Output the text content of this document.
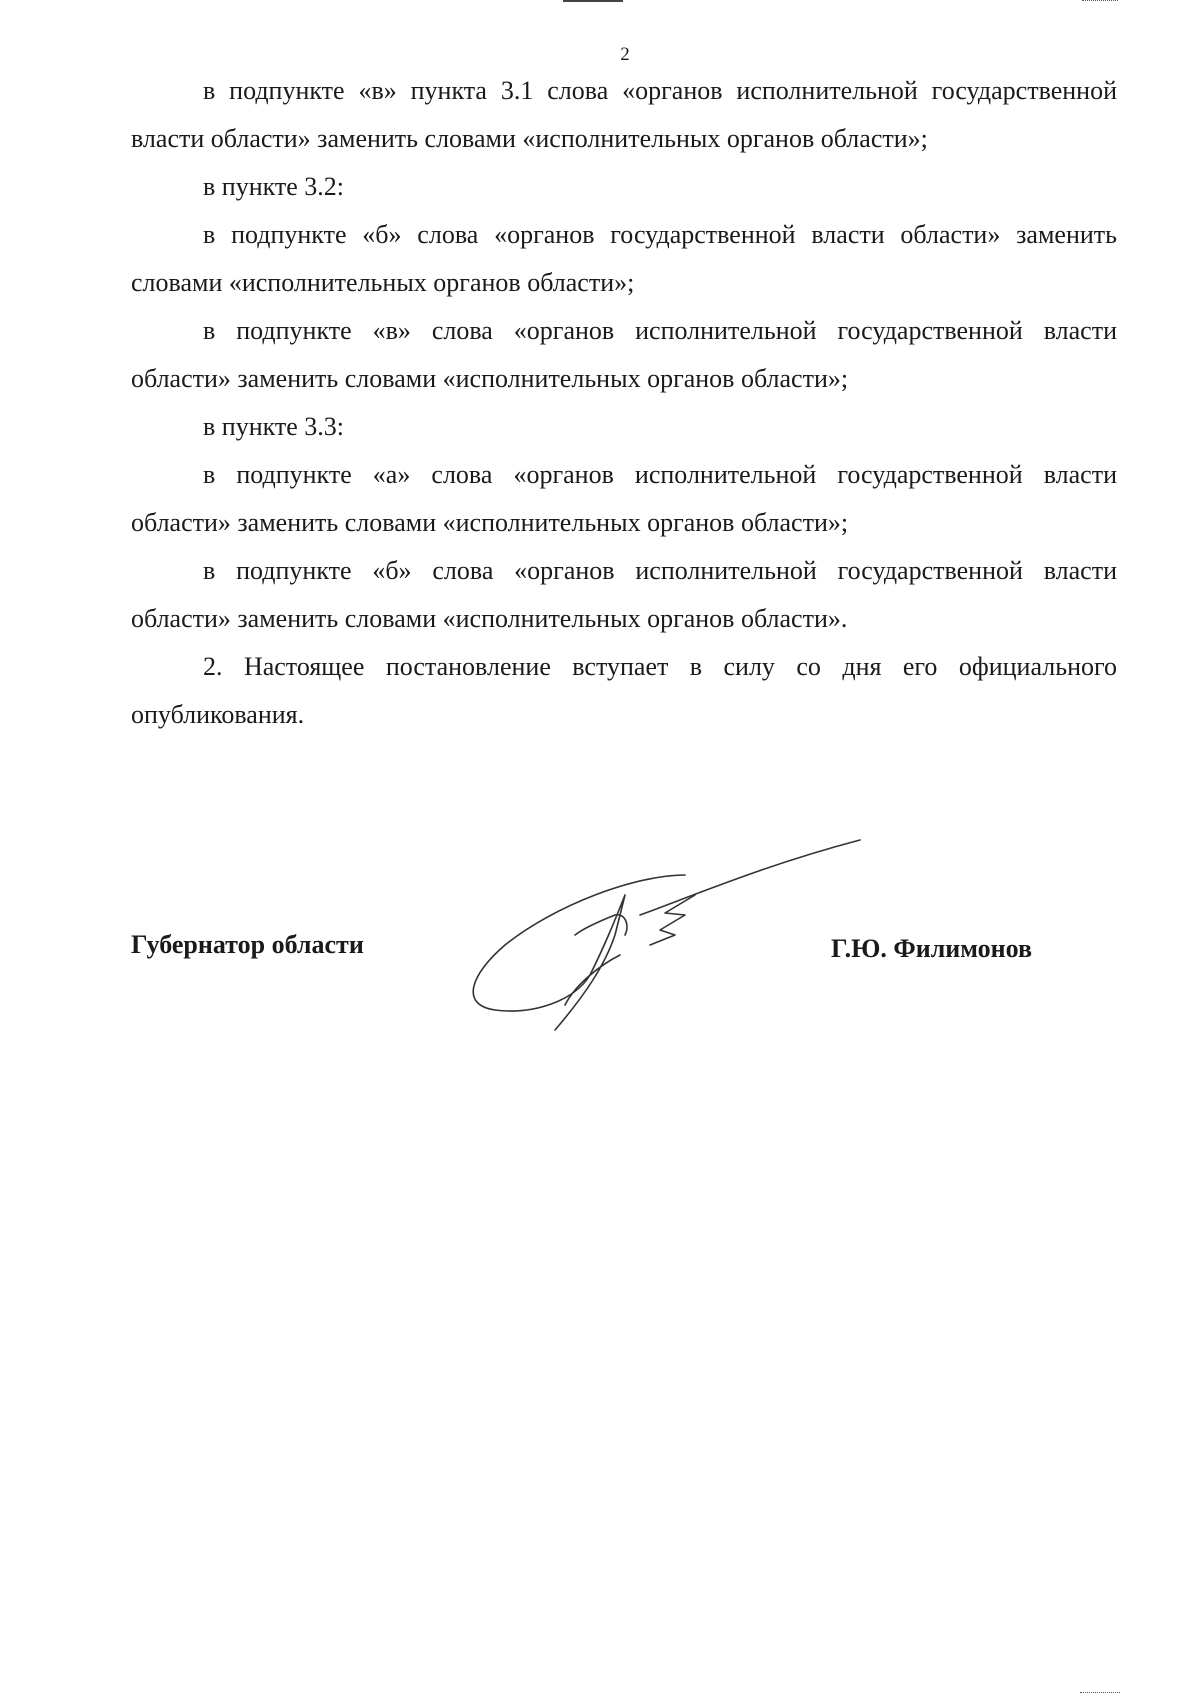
2

в подпункте «в» пункта 3.1 слова «органов исполнительной государственной власти области» заменить словами «исполнительных органов области»;

в пункте 3.2:

в подпункте «б» слова «органов государственной власти области» заменить словами «исполнительных органов области»;

в подпункте «в» слова «органов исполнительной государственной власти области» заменить словами «исполнительных органов области»;

в пункте 3.3:

в подпункте «а» слова «органов исполнительной государственной власти области» заменить словами «исполнительных органов области»;

в подпункте «б» слова «органов исполнительной государственной власти области» заменить словами «исполнительных органов области».

2. Настоящее постановление вступает в силу со дня его официального опубликования.

Губернатор области	Г.Ю. Филимонов
